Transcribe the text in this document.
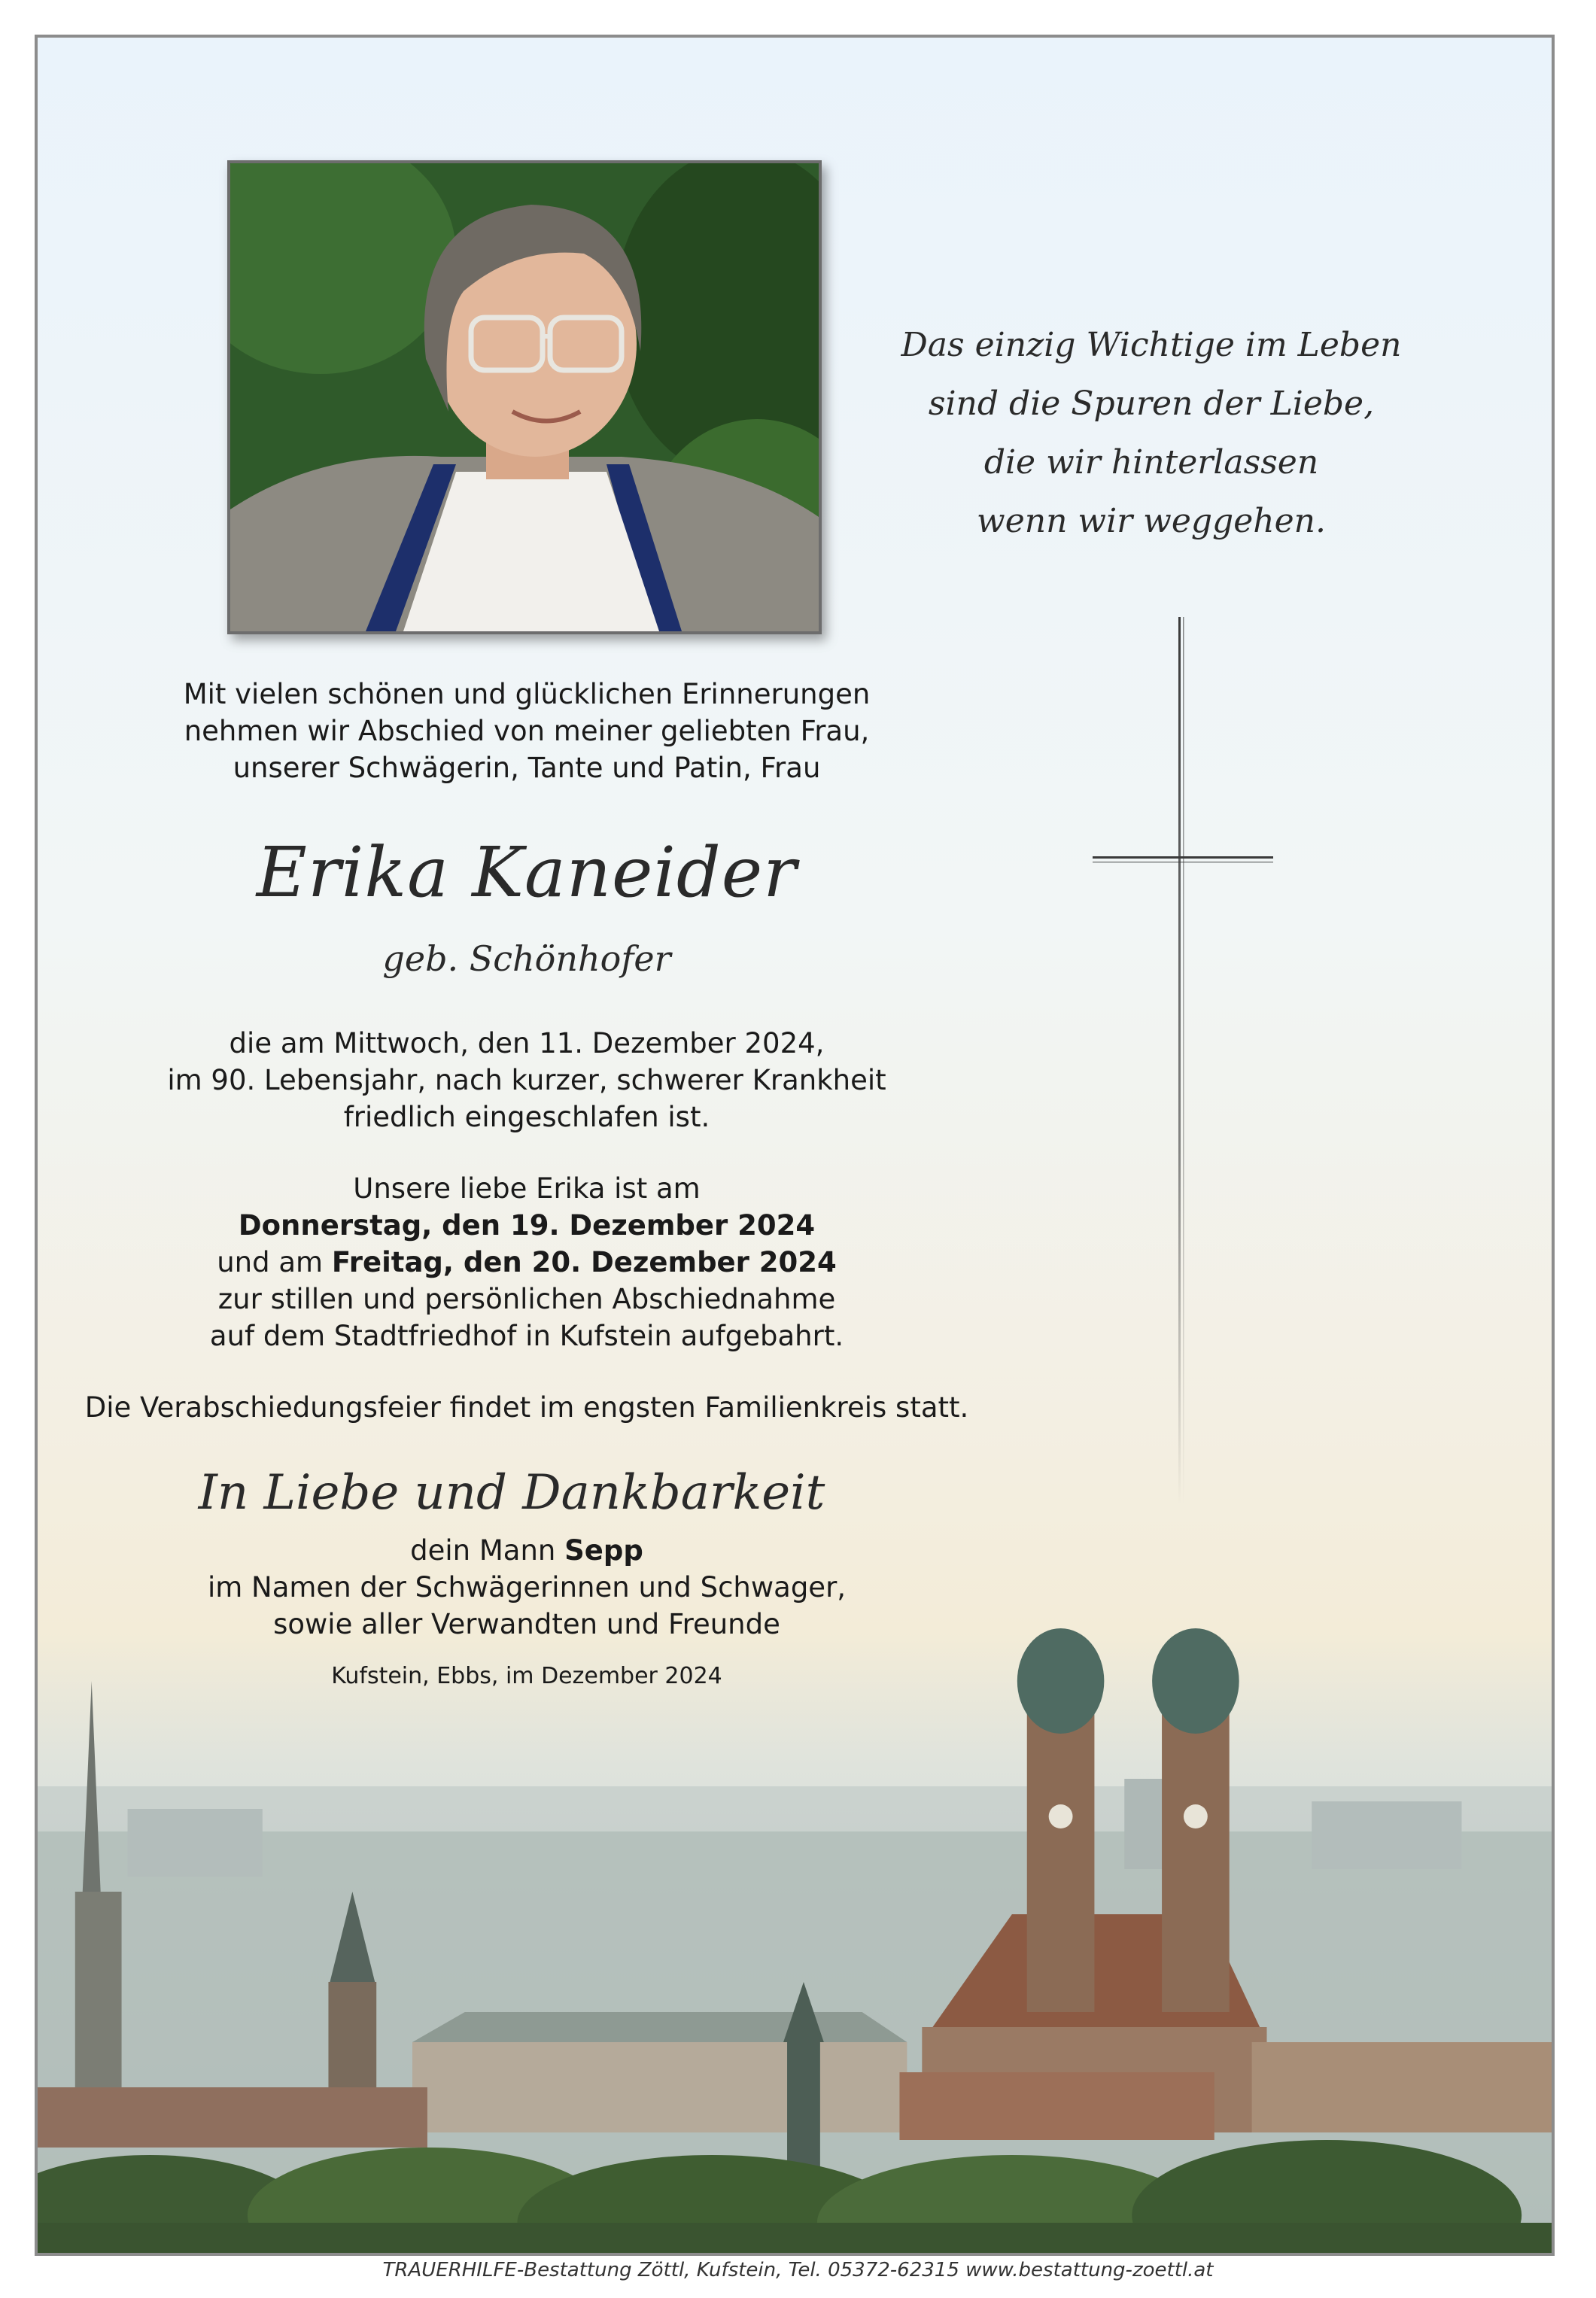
Das einzig Wichtige im Leben
sind die Spuren der Liebe,
die wir hinterlassen
wenn wir weggehen.
Mit vielen schönen und glücklichen Erinnerungen
nehmen wir Abschied von meiner geliebten Frau,
unserer Schwägerin, Tante und Patin, Frau
Erika Kaneider
geb. Schönhofer
die am Mittwoch, den 11. Dezember 2024,
im 90. Lebensjahr, nach kurzer, schwerer Krankheit
friedlich eingeschlafen ist.
Unsere liebe Erika ist am
Donnerstag, den 19. Dezember 2024
und am Freitag, den 20. Dezember 2024
zur stillen und persönlichen Abschiednahme
auf dem Stadtfriedhof in Kufstein aufgebahrt.
Die Verabschiedungsfeier findet im engsten Familienkreis statt.
In Liebe und Dankbarkeit
dein Mann Sepp
im Namen der Schwägerinnen und Schwager,
sowie aller Verwandten und Freunde
Kufstein, Ebbs, im Dezember 2024
TRAUERHILFE-Bestattung Zöttl, Kufstein, Tel. 05372-62315 www.bestattung-zoettl.at
